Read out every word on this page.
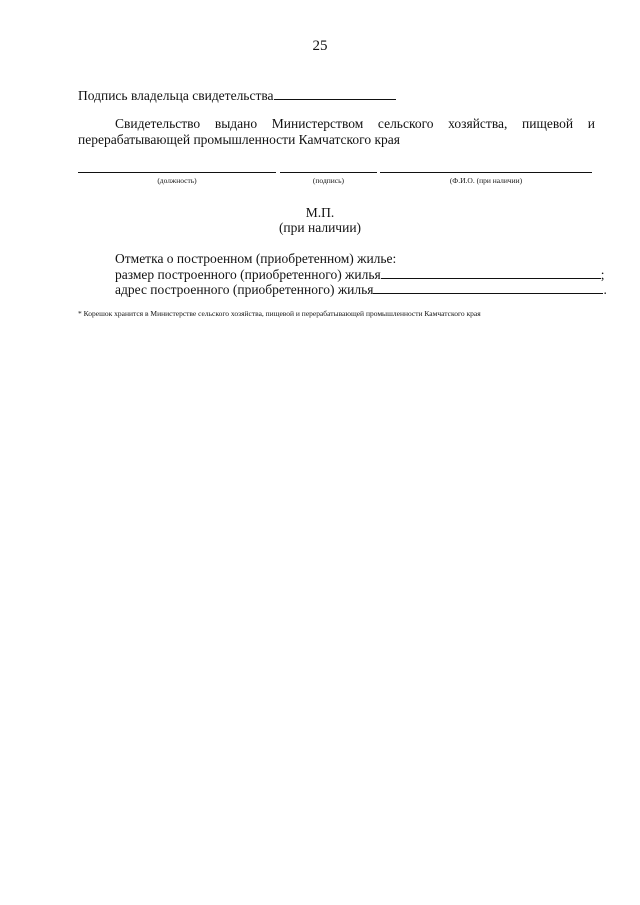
25
Подпись владельца свидетельства
Свидетельство выдано Министерством сельского хозяйства, пищевой и
перерабатывающей промышленности Камчатского края
(должность)	(подпись)	(Ф.И.О. (при наличии)
М.П.
(при наличии)
Отметка о построенном (приобретенном) жилье:
размер построенного (приобретенного) жилья	;
адрес построенного (приобретенного) жилья	.
* Корешок хранится в Министерстве сельского хозяйства, пищевой и перерабатывающей промышленности Камчатского края
